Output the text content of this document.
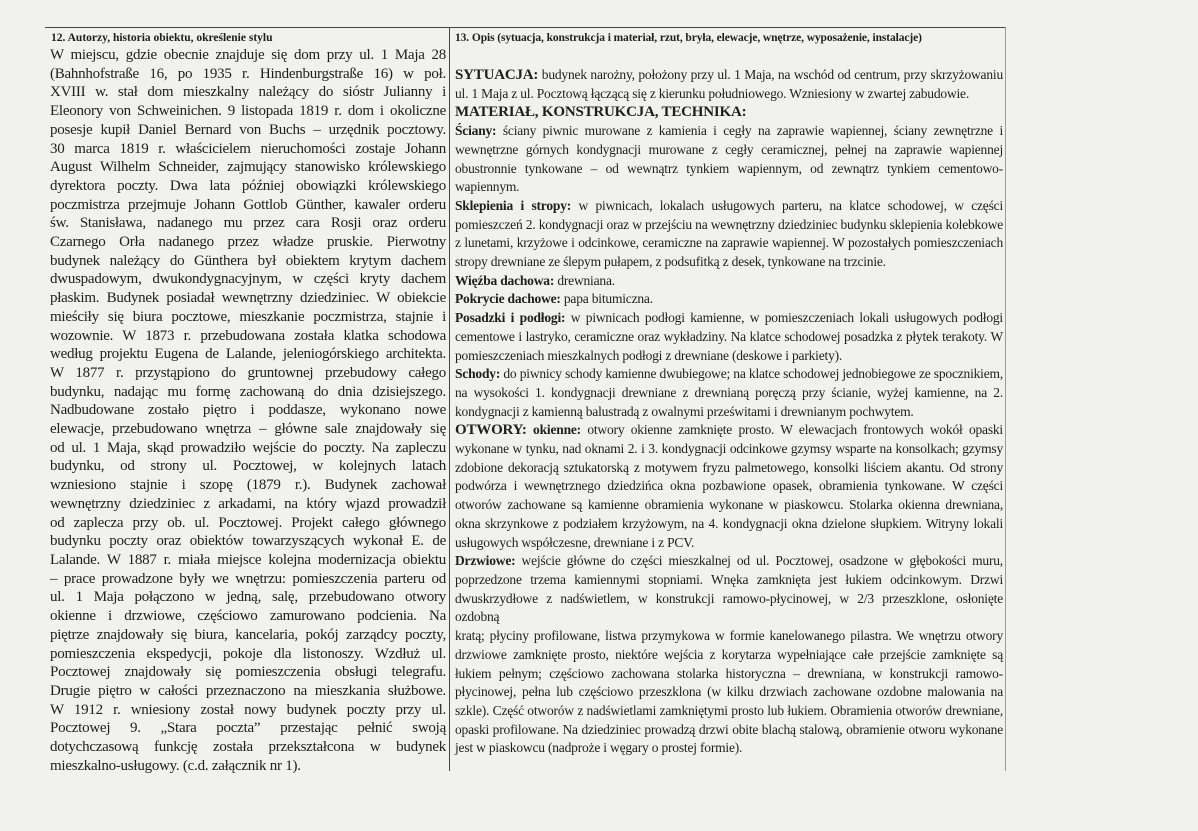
12. Autorzy, historia obiektu, określenie stylu	13. Opis (sytuacja, konstrukcja i materiał, rzut, bryła, elewacje, wnętrze, wyposażenie, instalacje)
W miejscu, gdzie obecnie znajduje się dom przy ul. 1 Maja 28
(Bahnhofstraße 16, po 1935 r. Hindenburgstraße 16) w poł.
XVIII w. stał dom mieszkalny należący do sióstr Julianny i
Eleonory von Schweinichen. 9 listopada 1819 r. dom i okoliczne
posesje kupił Daniel Bernard von Buchs – urzędnik pocztowy.
30 marca 1819 r. właścicielem nieruchomości zostaje Johann
August Wilhelm Schneider, zajmujący stanowisko królewskiego
dyrektora poczty. Dwa lata później obowiązki królewskiego
poczmistrza przejmuje Johann Gottlob Günther, kawaler orderu
św. Stanisława, nadanego mu przez cara Rosji oraz orderu
Czarnego Orła nadanego przez władze pruskie. Pierwotny
budynek należący do Günthera był obiektem krytym dachem
dwuspadowym, dwukondygnacyjnym, w części kryty dachem
płaskim. Budynek posiadał wewnętrzny dziedziniec. W obiekcie
mieściły się biura pocztowe, mieszkanie poczmistrza, stajnie i
wozownie. W 1873 r. przebudowana została klatka schodowa
według projektu Eugena de Lalande, jeleniogórskiego architekta.
W 1877 r. przystąpiono do gruntownej przebudowy całego
budynku, nadając mu formę zachowaną do dnia dzisiejszego.
Nadbudowane zostało piętro i poddasze, wykonano nowe
elewacje, przebudowano wnętrza – główne sale znajdowały się
od ul. 1 Maja, skąd prowadziło wejście do poczty. Na zapleczu
budynku, od strony ul. Pocztowej, w kolejnych latach
wzniesiono stajnie i szopę (1879 r.). Budynek zachował
wewnętrzny dziedziniec z arkadami, na który wjazd prowadził
od zaplecza przy ob. ul. Pocztowej. Projekt całego głównego
budynku poczty oraz obiektów towarzyszących wykonał E. de
Lalande. W 1887 r. miała miejsce kolejna modernizacja obiektu
– prace prowadzone były we wnętrzu: pomieszczenia parteru od
ul. 1 Maja połączono w jedną, salę, przebudowano otwory
okienne i drzwiowe, częściowo zamurowano podcienia. Na
piętrze znajdowały się biura, kancelaria, pokój zarządcy poczty,
pomieszczenia ekspedycji, pokoje dla listonoszy. Wzdłuż ul.
Pocztowej znajdowały się pomieszczenia obsługi telegrafu.
Drugie piętro w całości przeznaczono na mieszkania służbowe.
W 1912 r. wniesiony został nowy budynek poczty przy ul.
Pocztowej 9. „Stara poczta” przestając pełnić swoją
dotychczasową funkcję została przekształcona w budynek
mieszkalno-usługowy. (c.d. załącznik nr 1).
SYTUACJA: budynek narożny, położony przy ul. 1 Maja, na wschód od centrum, przy skrzyżowaniu
ul. 1 Maja z ul. Pocztową łączącą się z kierunku południowego. Wzniesiony w zwartej zabudowie.
MATERIAŁ, KONSTRUKCJA, TECHNIKA:
Ściany: ściany piwnic murowane z kamienia i cegły na zaprawie wapiennej, ściany zewnętrzne i
wewnętrzne górnych kondygnacji murowane z cegły ceramicznej, pełnej na zaprawie wapiennej
obustronnie tynkowane – od wewnątrz tynkiem wapiennym, od zewnątrz tynkiem cementowo-
wapiennym.
Sklepienia i stropy: w piwnicach, lokalach usługowych parteru, na klatce schodowej, w części
pomieszczeń 2. kondygnacji oraz w przejściu na wewnętrzny dziedziniec budynku sklepienia kolebkowe
z lunetami, krzyżowe i odcinkowe, ceramiczne na zaprawie wapiennej. W pozostałych pomieszczeniach
stropy drewniane ze ślepym pułapem, z podsufitką z desek, tynkowane na trzcinie.
Więźba dachowa: drewniana.
Pokrycie dachowe: papa bitumiczna.
Posadzki i podłogi: w piwnicach podłogi kamienne, w pomieszczeniach lokali usługowych podłogi
cementowe i lastryko, ceramiczne oraz wykładziny. Na klatce schodowej posadzka z płytek terakoty. W
pomieszczeniach mieszkalnych podłogi z drewniane (deskowe i parkiety).
Schody: do piwnicy schody kamienne dwubiegowe; na klatce schodowej jednobiegowe ze spocznikiem,
na wysokości 1. kondygnacji drewniane z drewnianą poręczą przy ścianie, wyżej kamienne, na 2.
kondygnacji z kamienną balustradą z owalnymi prześwitami i drewnianym pochwytem.
OTWORY: okienne: otwory okienne zamknięte prosto. W elewacjach frontowych wokół opaski
wykonane w tynku, nad oknami 2. i 3. kondygnacji odcinkowe gzymsy wsparte na konsolkach; gzymsy
zdobione dekoracją sztukatorską z motywem fryzu palmetowego, konsolki liściem akantu. Od strony
podwórza i wewnętrznego dziedzińca okna pozbawione opasek, obramienia tynkowane. W części
otworów zachowane są kamienne obramienia wykonane w piaskowcu. Stolarka okienna drewniana,
okna skrzynkowe z podziałem krzyżowym, na 4. kondygnacji okna dzielone słupkiem. Witryny lokali
usługowych współczesne, drewniane i z PCV.
Drzwiowe: wejście główne do części mieszkalnej od ul. Pocztowej, osadzone w głębokości muru,
poprzedzone trzema kamiennymi stopniami. Wnęka zamknięta jest łukiem odcinkowym. Drzwi
dwuskrzydłowe z nadświetlem, w konstrukcji ramowo-płycinowej, w 2/3 przeszklone, osłonięte ozdobną
kratą; płyciny profilowane, listwa przymykowa w formie kanelowanego pilastra. We wnętrzu otwory
drzwiowe zamknięte prosto, niektóre wejścia z korytarza wypełniające całe przejście zamknięte są
łukiem pełnym; częściowo zachowana stolarka historyczna – drewniana, w konstrukcji ramowo-
płycinowej, pełna lub częściowo przeszklona (w kilku drzwiach zachowane ozdobne malowania na
szkle). Część otworów z nadświetlami zamkniętymi prosto lub łukiem. Obramienia otworów drewniane,
opaski profilowane. Na dziedziniec prowadzą drzwi obite blachą stalową, obramienie otworu wykonane
jest w piaskowcu (nadproże i węgary o prostej formie).
